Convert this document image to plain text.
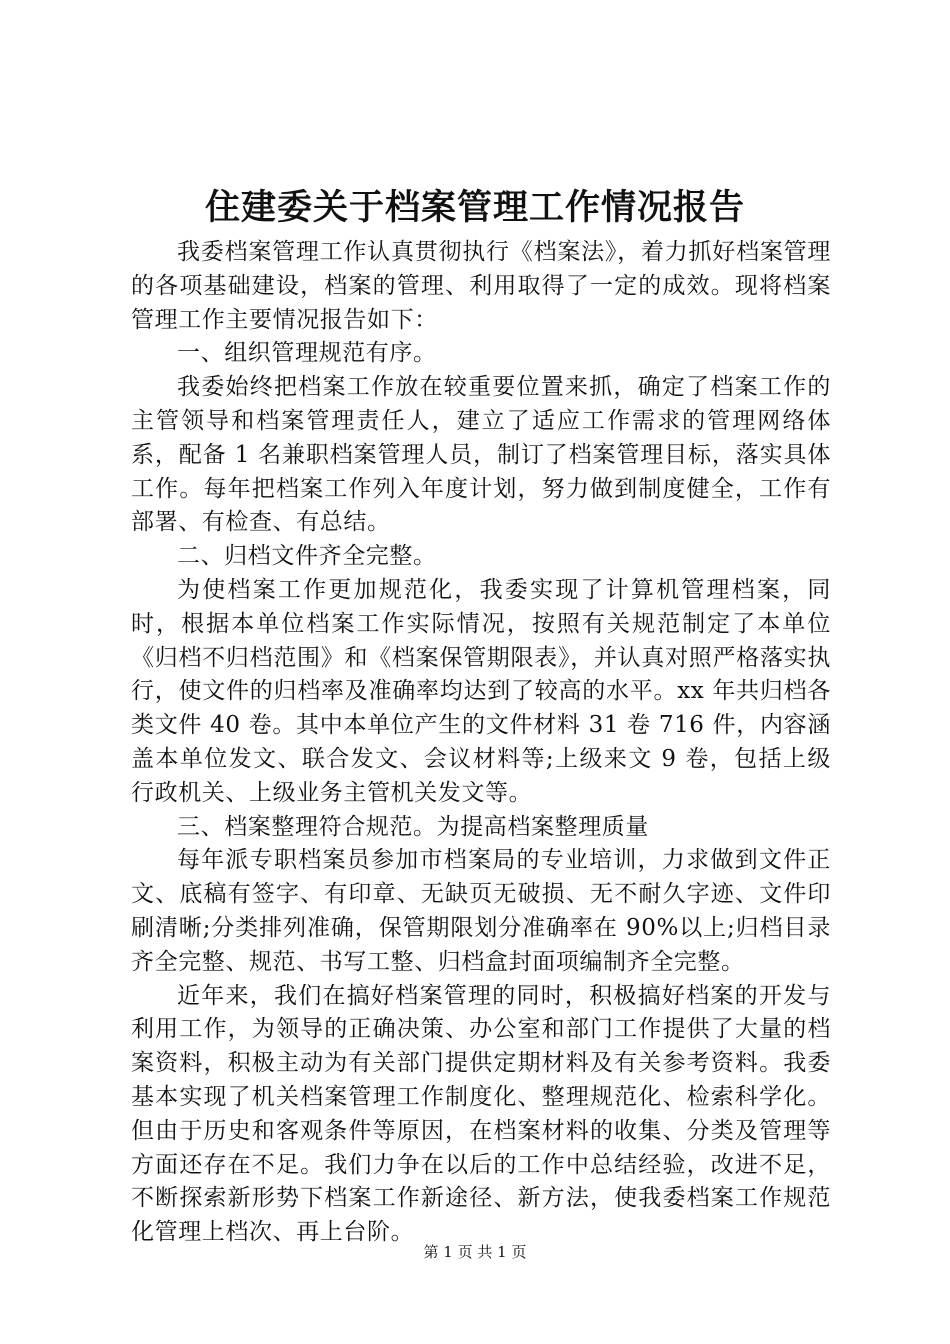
住建委关于档案管理工作情况报告

我委档案管理工作认真贯彻执行《档案法》，着力抓好档案管理的各项基础建设，档案的管理、利用取得了一定的成效。现将档案管理工作主要情况报告如下：

一、组织管理规范有序。

我委始终把档案工作放在较重要位置来抓，确定了档案工作的主管领导和档案管理责任人，建立了适应工作需求的管理网络体系，配备 1 名兼职档案管理人员，制订了档案管理目标，落实具体工作。每年把档案工作列入年度计划，努力做到制度健全，工作有部署、有检查、有总结。

二、归档文件齐全完整。

为使档案工作更加规范化，我委实现了计算机管理档案，同时，根据本单位档案工作实际情况，按照有关规范制定了本单位《归档不归档范围》和《档案保管期限表》，并认真对照严格落实执行，使文件的归档率及准确率均达到了较高的水平。xx 年共归档各类文件 40 卷。其中本单位产生的文件材料 31 卷 716 件，内容涵盖本单位发文、联合发文、会议材料等;上级来文 9 卷，包括上级行政机关、上级业务主管机关发文等。

三、档案整理符合规范。为提高档案整理质量

每年派专职档案员参加市档案局的专业培训，力求做到文件正文、底稿有签字、有印章、无缺页无破损、无不耐久字迹、文件印刷清晰;分类排列准确，保管期限划分准确率在 90%以上;归档目录齐全完整、规范、书写工整、归档盒封面项编制齐全完整。

近年来，我们在搞好档案管理的同时，积极搞好档案的开发与利用工作，为领导的正确决策、办公室和部门工作提供了大量的档案资料，积极主动为有关部门提供定期材料及有关参考资料。我委基本实现了机关档案管理工作制度化、整理规范化、检索科学化。但由于历史和客观条件等原因，在档案材料的收集、分类及管理等方面还存在不足。我们力争在以后的工作中总结经验，改进不足，不断探索新形势下档案工作新途径、新方法，使我委档案工作规范化管理上档次、再上台阶。

第 1 页 共 1 页
